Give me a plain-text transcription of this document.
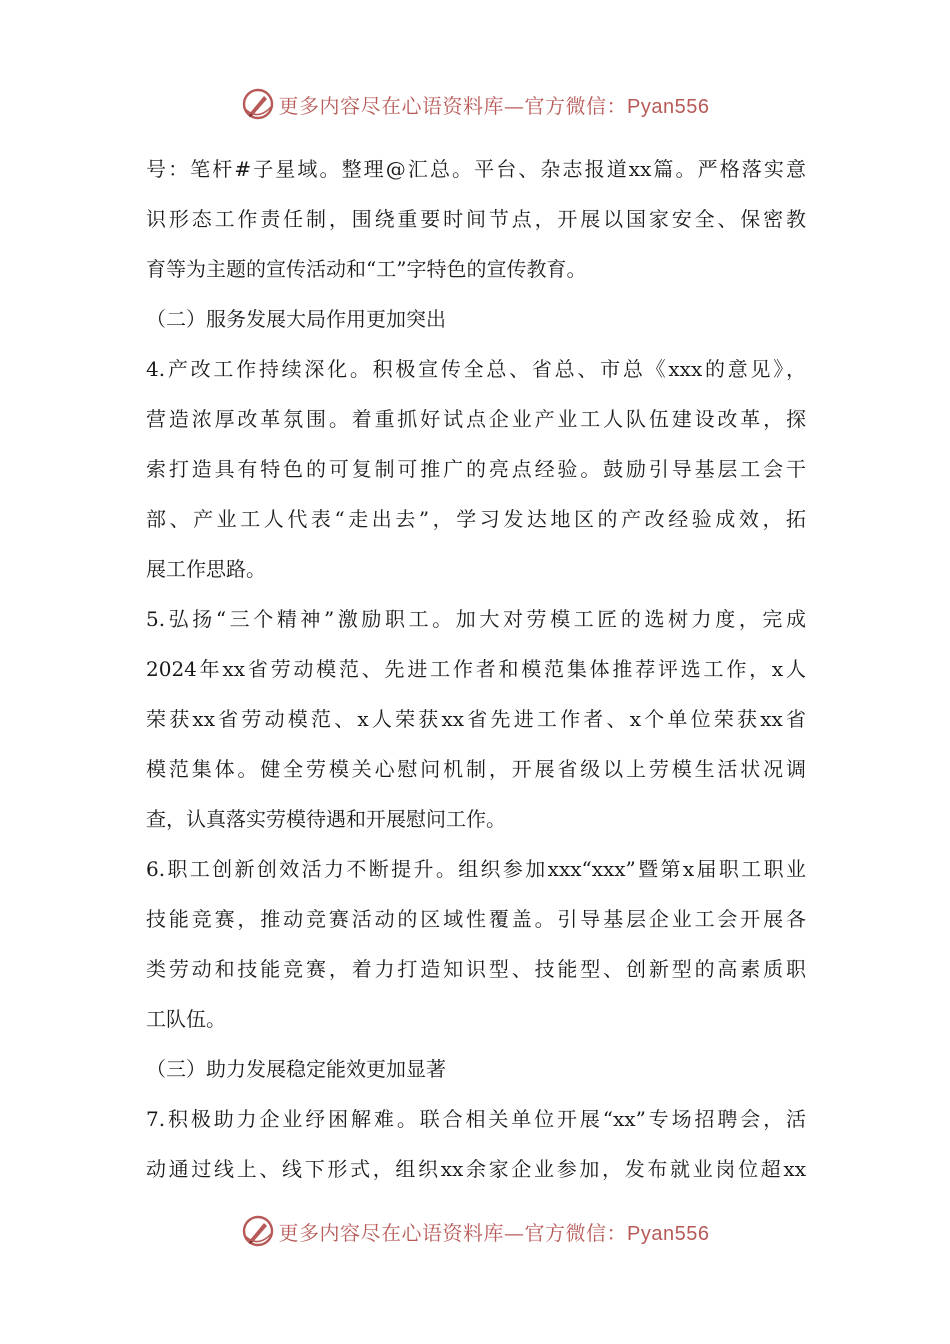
更多内容尽在心语资料库—官方微信：Pyan556
号：笔杆#子星域。整理@汇总。平台、杂志报道xx篇。严格落实意
识形态工作责任制，围绕重要时间节点，开展以国家安全、保密教
育等为主题的宣传活动和“工”字特色的宣传教育。
（二）服务发展大局作用更加突出
4.产改工作持续深化。积极宣传全总、省总、市总《xxx的意见》，
营造浓厚改革氛围。着重抓好试点企业产业工人队伍建设改革，探
索打造具有特色的可复制可推广的亮点经验。鼓励引导基层工会干
部、产业工人代表“走出去”，学习发达地区的产改经验成效，拓
展工作思路。
5.弘扬“三个精神”激励职工。加大对劳模工匠的选树力度，完成
2024年xx省劳动模范、先进工作者和模范集体推荐评选工作，x人
荣获xx省劳动模范、x人荣获xx省先进工作者、x个单位荣获xx省
模范集体。健全劳模关心慰问机制，开展省级以上劳模生活状况调
查，认真落实劳模待遇和开展慰问工作。
6.职工创新创效活力不断提升。组织参加xxx“xxx”暨第x届职工职业
技能竞赛，推动竞赛活动的区域性覆盖。引导基层企业工会开展各
类劳动和技能竞赛，着力打造知识型、技能型、创新型的高素质职
工队伍。
（三）助力发展稳定能效更加显著
7.积极助力企业纾困解难。联合相关单位开展“xx”专场招聘会，活
动通过线上、线下形式，组织xx余家企业参加，发布就业岗位超xx
更多内容尽在心语资料库—官方微信：Pyan556
